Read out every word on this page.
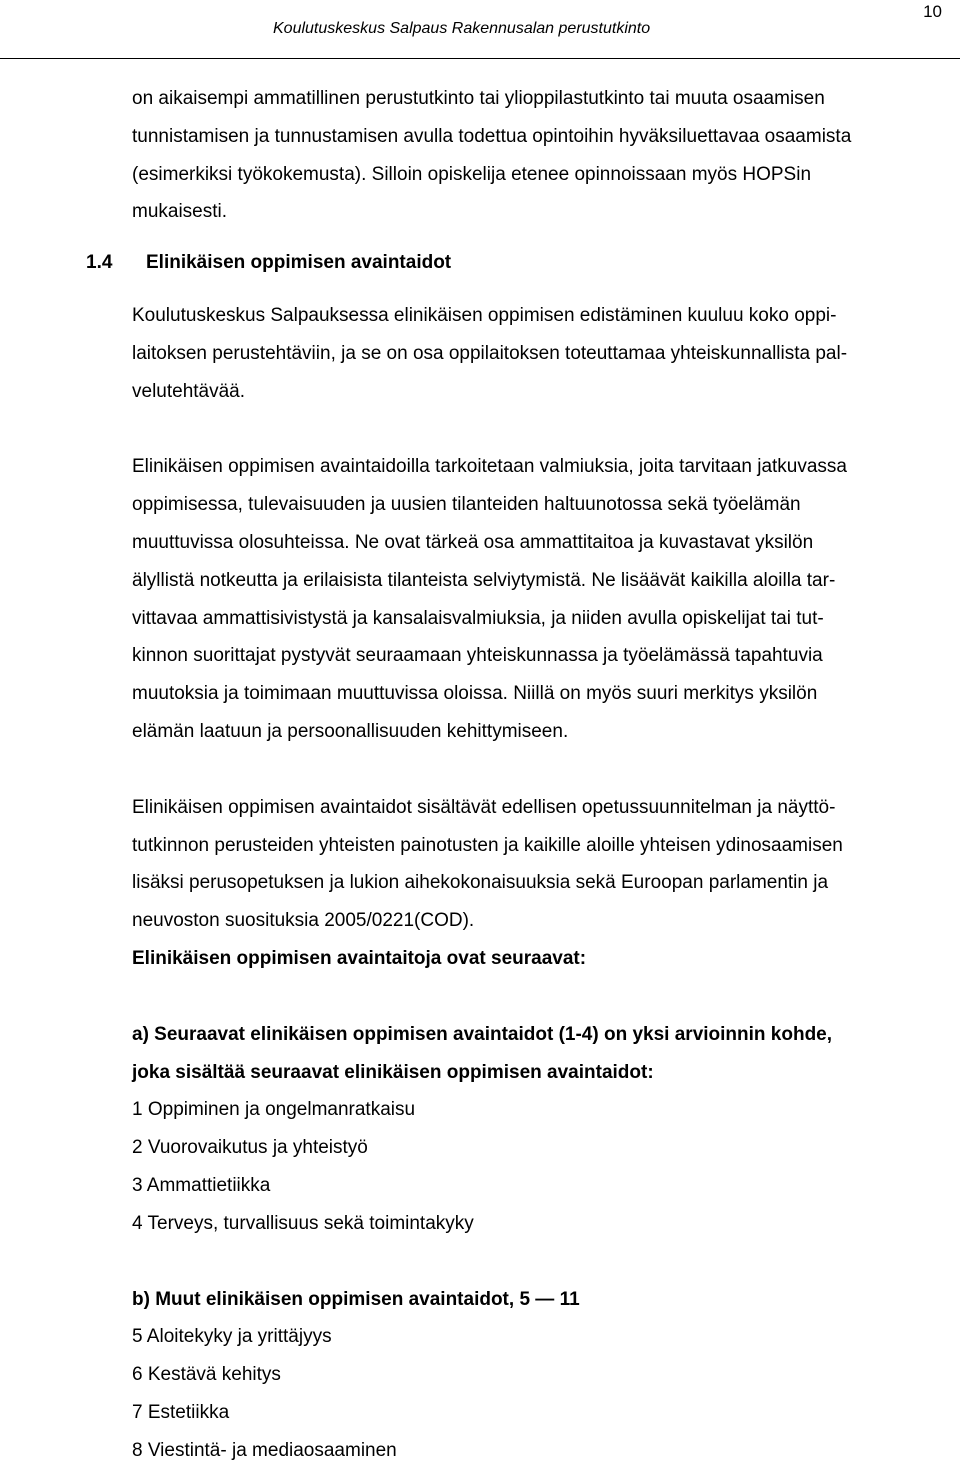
10
Koulutuskeskus Salpaus Rakennusalan perustutkinto

on aikaisempi ammatillinen perustutkinto tai ylioppilastutkinto tai muuta osaamisen

tunnistamisen ja tunnustamisen avulla todettua opintoihin hyväksiluettavaa osaamista

(esimerkiksi työkokemusta). Silloin opiskelija etenee opinnoissaan myös HOPSin

mukaisesti.

1.4 Elinikäisen oppimisen avaintaidot

Koulutuskeskus Salpauksessa elinikäisen oppimisen edistäminen kuuluu koko oppi-

laitoksen perustehtäviin, ja se on osa oppilaitoksen toteuttamaa yhteiskunnallista pal-

velutehtävää.

Elinikäisen oppimisen avaintaidoilla tarkoitetaan valmiuksia, joita tarvitaan jatkuvassa

oppimisessa, tulevaisuuden ja uusien tilanteiden haltuunotossa sekä työelämän

muuttuvissa olosuhteissa. Ne ovat tärkeä osa ammattitaitoa ja kuvastavat yksilön

älyllistä notkeutta ja erilaisista tilanteista selviytymistä. Ne lisäävät kaikilla aloilla tar-

vittavaa ammattisivistystä ja kansalaisvalmiuksia, ja niiden avulla opiskelijat tai tut-

kinnon suorittajat pystyvät seuraamaan yhteiskunnassa ja työelämässä tapahtuvia

muutoksia ja toimimaan muuttuvissa oloissa. Niillä on myös suuri merkitys yksilön

elämän laatuun ja persoonallisuuden kehittymiseen.

Elinikäisen oppimisen avaintaidot sisältävät edellisen opetussuunnitelman ja näyttö-

tutkinnon perusteiden yhteisten painotusten ja kaikille aloille yhteisen ydinosaamisen

lisäksi perusopetuksen ja lukion aihekokonaisuuksia sekä Euroopan parlamentin ja

neuvoston suosituksia 2005/0221(COD).

Elinikäisen oppimisen avaintaitoja ovat seuraavat:

a) Seuraavat elinikäisen oppimisen avaintaidot (1-4) on yksi arvioinnin kohde,

joka sisältää seuraavat elinikäisen oppimisen avaintaidot:

1 Oppiminen ja ongelmanratkaisu
2 Vuorovaikutus ja yhteistyö
3 Ammattietiikka
4 Terveys, turvallisuus sekä toimintakyky

b) Muut elinikäisen oppimisen avaintaidot, 5 — 11

5 Aloitekyky ja yrittäjyys
6 Kestävä kehitys
7 Estetiikka
8 Viestintä- ja mediaosaaminen
